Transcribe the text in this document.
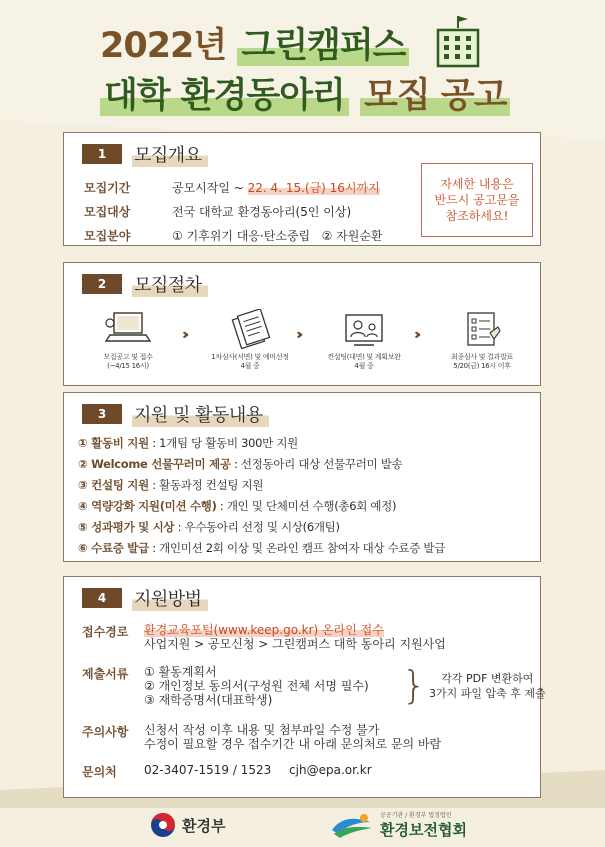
2022년 그린캠퍼스
대학 환경동아리 모집 공고
1	모집개요
모집기간	공모시작일 ~ 22. 4. 15.(금) 16시까지
모집대상	전국 대학교 환경동아리(5인 이상)
모집분야	① 기후위기 대응·탄소중립   ② 자원순환
자세한 내용은
반드시 공고문을
참조하세요!
2	모집절차
모집공고 및 접수
(~4/15 16시)
›››
1차심사(서면) 및 예비선정
4월 중
›››
컨설팅(대면) 및 계획보완
4월 중
›››
최종심사 및 결과발표
5/20(금) 16시 이후
3	지원 및 활동내용
① 활동비 지원 : 1개팀 당 활동비 300만 지원
② Welcome 선물꾸러미 제공 : 선정동아리 대상 선물꾸러미 발송
③ 컨설팅 지원 : 활동과정 컨설팅 지원
④ 역량강화 지원(미션 수행) : 개인 및 단체미션 수행(총6회 예정)
⑤ 성과평가 및 시상 : 우수동아리 선정 및 시상(6개팀)
⑥ 수료증 발급 : 개인미션 2회 이상 및 온라인 캠프 참여자 대상 수료증 발급
4	지원방법
접수경로	환경교육포털(www.keep.go.kr) 온라인 접수
사업지원 > 공모신청 > 그린캠퍼스 대학 동아리 지원사업
제출서류	① 활동계획서
② 개인정보 동의서(구성원 전체 서명 필수)
③ 재학증명서(대표학생)	}	각각 PDF 변환하여
3가지 파일 압축 후 제출
주의사항	신청서 작성 이후 내용 및 첨부파일 수정 불가
수정이 필요할 경우 접수기간 내 아래 문의처로 문의 바람
문의처	02-3407-1519 / 1523 cjh@epa.or.kr
환경부
공공기관 / 환경부 법정법인
환경보전협회
